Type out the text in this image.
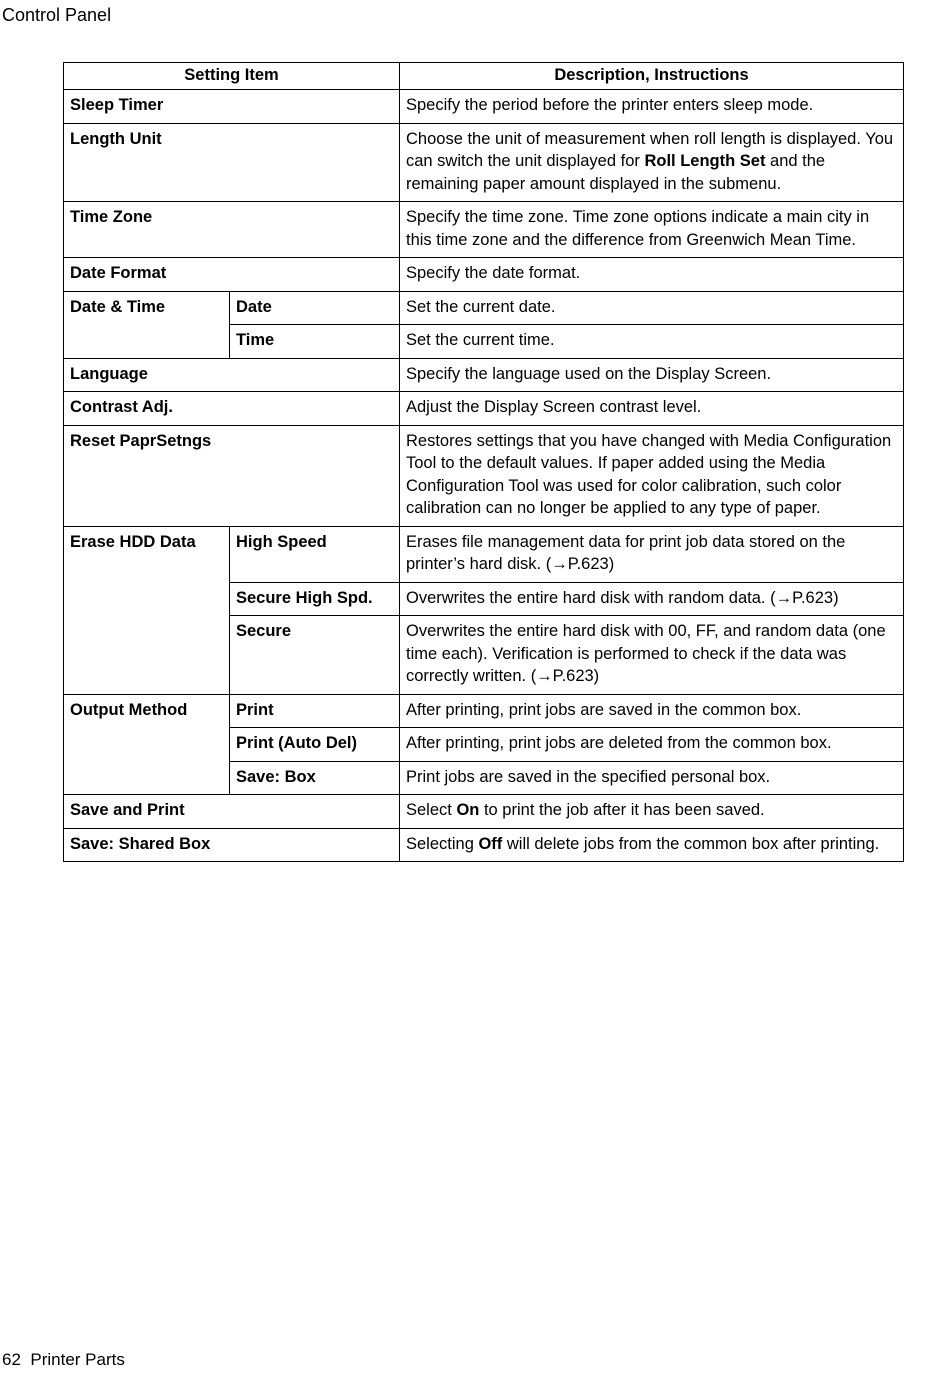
Control Panel
Setting Item		Description, Instructions
Sleep Timer		Specify the period before the printer enters sleep mode.
Length Unit		Choose the unit of measurement when roll length is displayed. You can switch the unit displayed for Roll Length Set and the remaining paper amount displayed in the submenu.
Time Zone		Specify the time zone. Time zone options indicate a main city in this time zone and the difference from Greenwich Mean Time.
Date Format		Specify the date format.
Date & Time	Date	Set the current date.
	Time	Set the current time.
Language		Specify the language used on the Display Screen.
Contrast Adj.		Adjust the Display Screen contrast level.
Reset PaprSetngs		Restores settings that you have changed with Media Configuration Tool to the default values. If paper added using the Media Configuration Tool was used for color calibration, such color calibration can no longer be applied to any type of paper.
Erase HDD Data	High Speed	Erases file management data for print job data stored on the printer’s hard disk. (→P.623)
	Secure High Spd.	Overwrites the entire hard disk with random data. (→P.623)
	Secure	Overwrites the entire hard disk with 00, FF, and random data (one time each). Verification is performed to check if the data was correctly written. (→P.623)
Output Method	Print	After printing, print jobs are saved in the common box.
	Print (Auto Del)	After printing, print jobs are deleted from the common box.
	Save: Box	Print jobs are saved in the specified personal box.
Save and Print		Select On to print the job after it has been saved.
Save: Shared Box		Selecting Off will delete jobs from the common box after printing.
62 Printer Parts
